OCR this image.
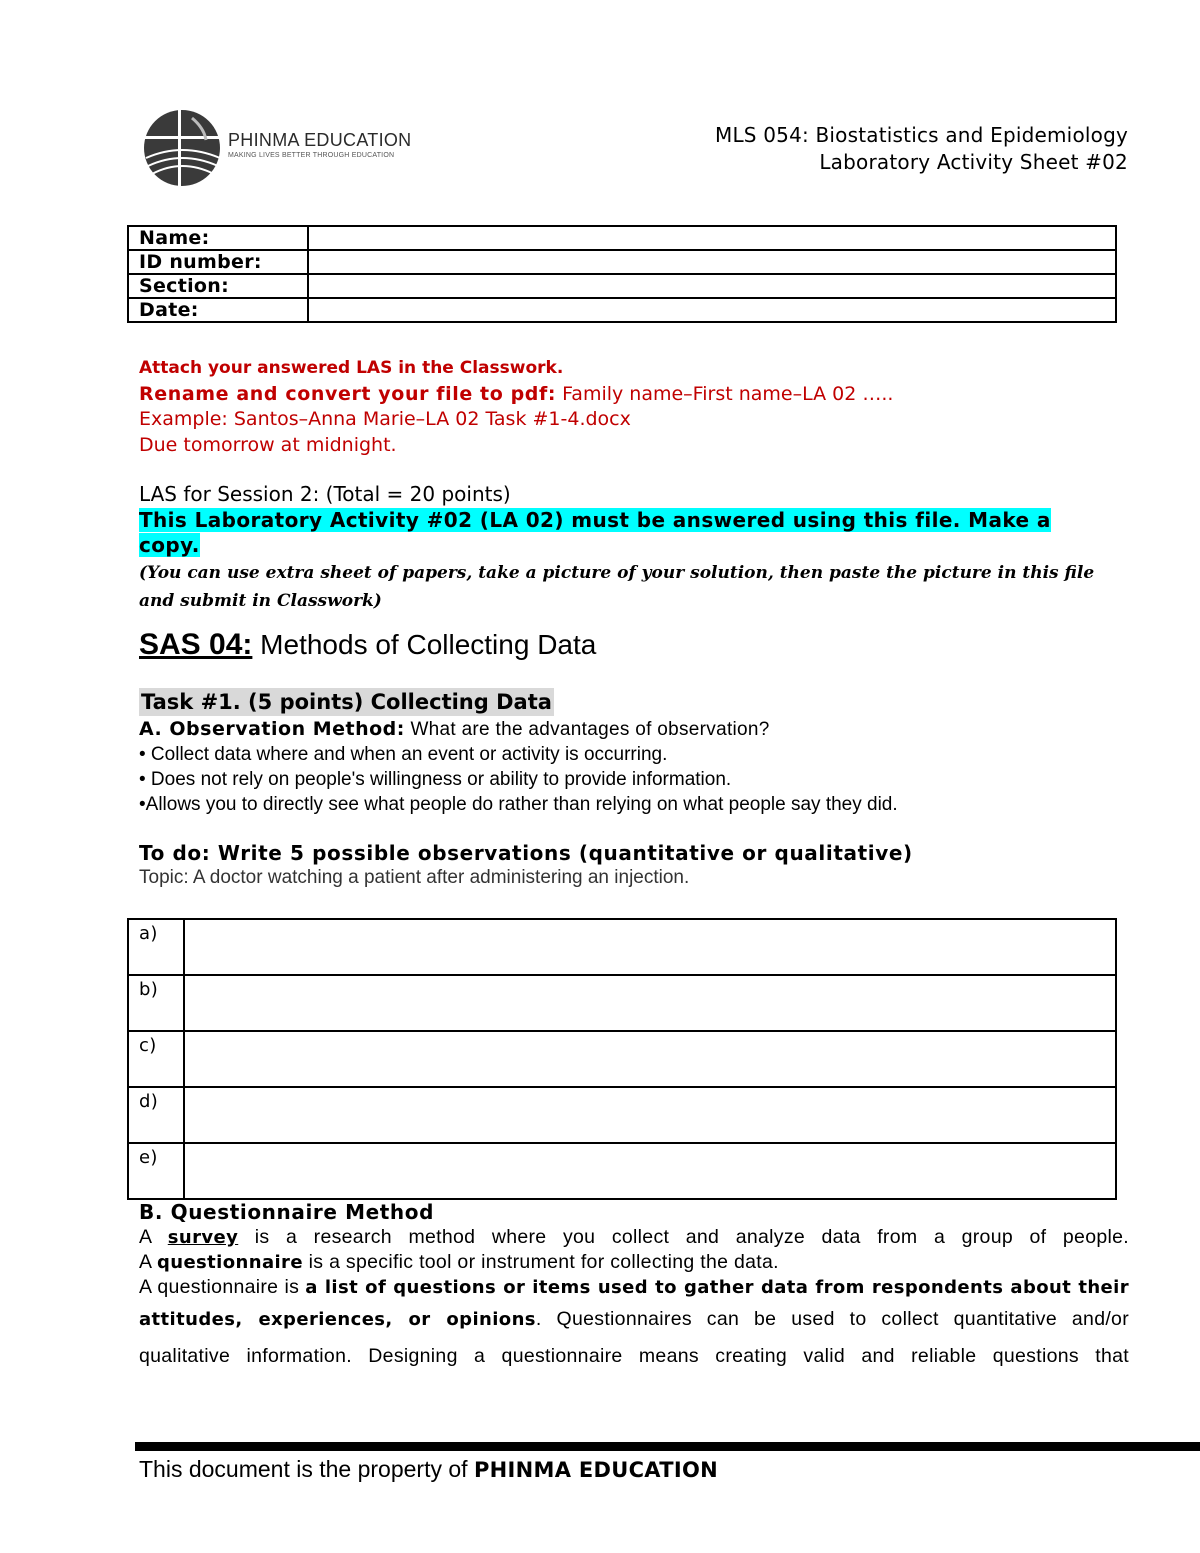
PHINMA EDUCATION
MAKING LIVES BETTER THROUGH EDUCATION
MLS 054: Biostatistics and Epidemiology
Laboratory Activity Sheet #02
Name:	
ID number:	
Section:	
Date:	
Attach your answered LAS in the Classwork.
Rename and convert your file to pdf: Family name–First name–LA 02 …..
Example: Santos–Anna Marie–LA 02 Task #1-4.docx
Due tomorrow at midnight.
LAS for Session 2: (Total = 20 points)
This Laboratory Activity #02 (LA 02) must be answered using this file. Make a copy.
(You can use extra sheet of papers, take a picture of your solution, then paste the picture in this file and submit in Classwork)
SAS 04: Methods of Collecting Data
Task #1. (5 points) Collecting Data
A. Observation Method: What are the advantages of observation?
• Collect data where and when an event or activity is occurring.
• Does not rely on people's willingness or ability to provide information.
•Allows you to directly see what people do rather than relying on what people say they did.
To do: Write 5 possible observations (quantitative or qualitative)
Topic: A doctor watching a patient after administering an injection.
a)	
b)	
c)	
d)	
e)	
B. Questionnaire Method
A survey is a research method where you collect and analyze data from a group of people.
A questionnaire is a specific tool or instrument for collecting the data.
A questionnaire is a list of questions or items used to gather data from respondents about their
attitudes, experiences, or opinions. Questionnaires can be used to collect quantitative and/or
qualitative information. Designing a questionnaire means creating valid and reliable questions that
This document is the property of PHINMA EDUCATION
